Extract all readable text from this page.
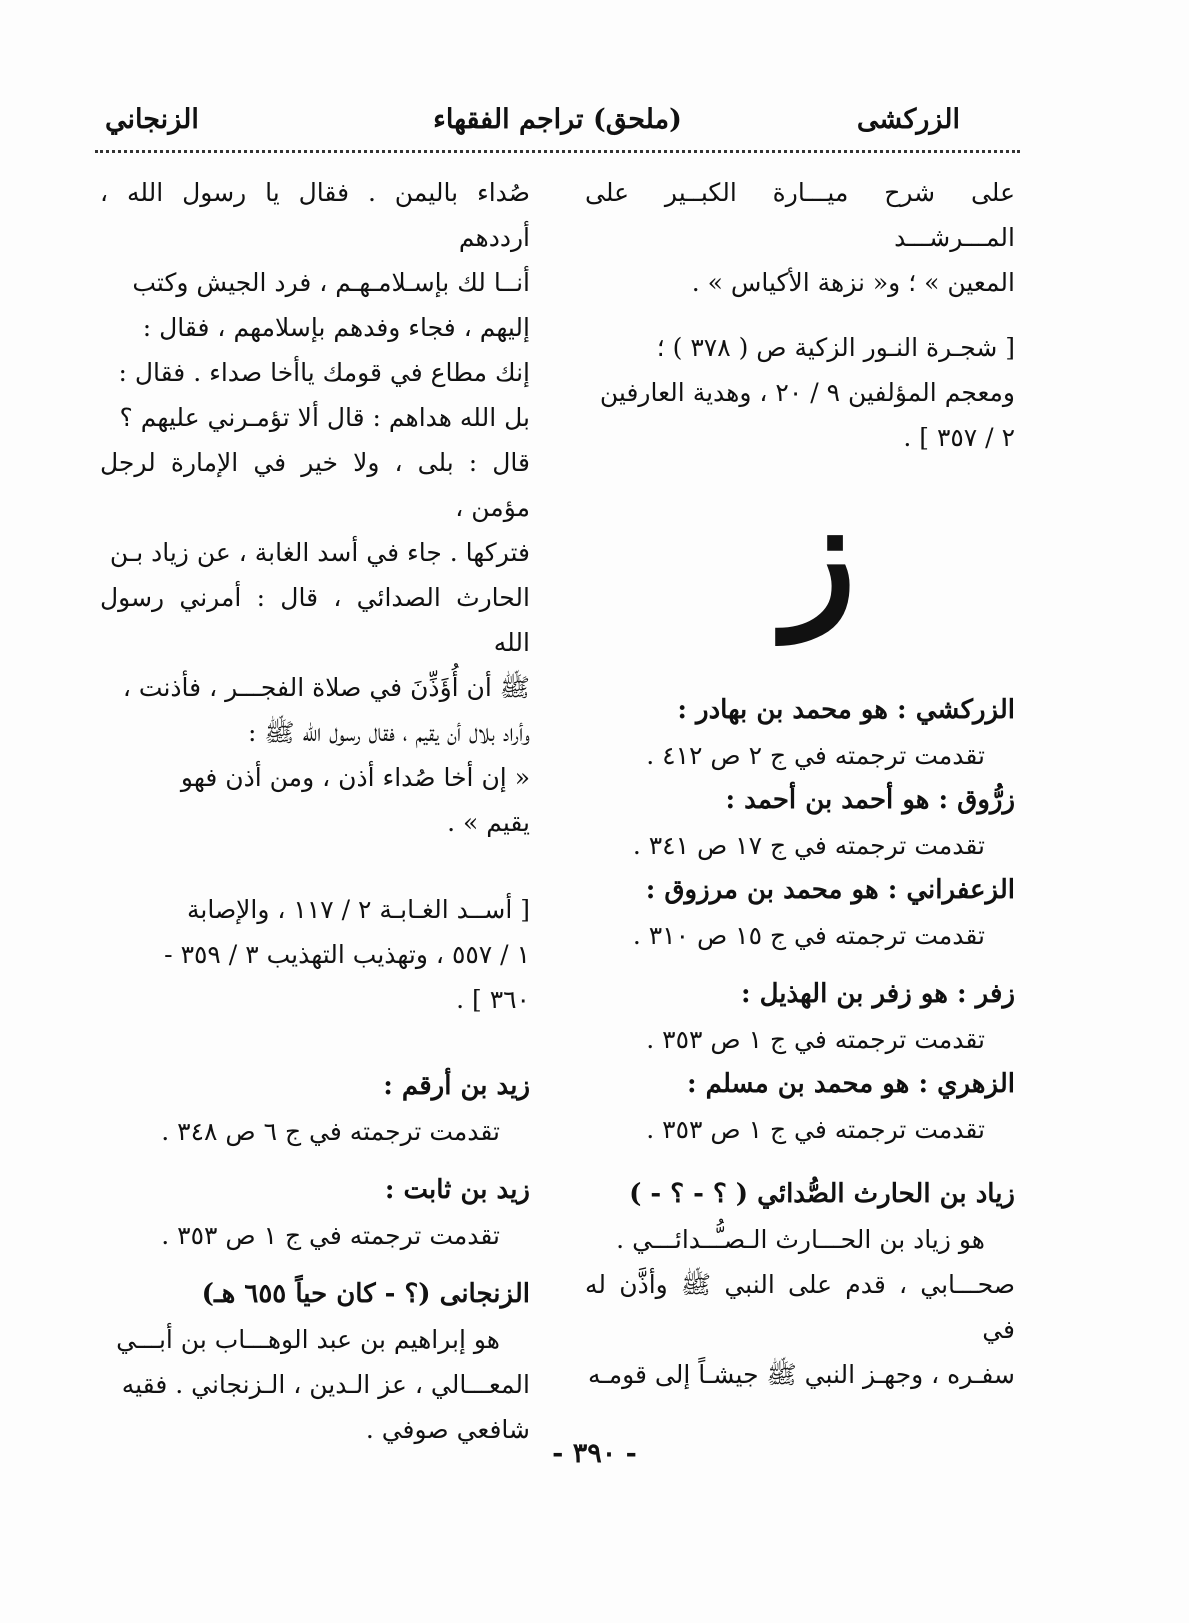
الزركشى
(ملحق) تراجم الفقهاء
الزنجاني

على شرح ميـــارة الكبــير على المـــرشـــد

المعين » ؛ و« نزهة الأكياس » .

[ شجـرة النـور الزكية ص ( ٣٧٨ ) ؛

ومعجم المؤلفين ٩ / ٢٠ ، وهدية العارفين

٢ / ٣٥٧ ] .

ز

الزركشي : هو محمد بن بهادر :

تقدمت ترجمته في ج ٢ ص ٤١٢ .

زرُّوق : هو أحمد بن أحمد :

تقدمت ترجمته في ج ١٧ ص ٣٤١ .

الزعفراني : هو محمد بن مرزوق :

تقدمت ترجمته في ج ١٥ ص ٣١٠ .

زفر : هو زفر بن الهذيل :

تقدمت ترجمته في ج ١ ص ٣٥٣ .

الزهري : هو محمد بن مسلم :

تقدمت ترجمته في ج ١ ص ٣٥٣ .

زياد بن الحارث الصُّدائي ( ؟ - ؟ - )

هو زياد بن الحـــارث الـصـُّــدائـــي .

صحـــابي ، قدم على النبي ﷺ وأذَّن له في

سفـره ، وجهـز النبي ﷺ جيشـاً إلى قومـه

صُداء باليمن . فقال يا رسول الله ، أرددهم

أنــا لك بإسـلامـهـم ، فرد الجيش وكتب

إليهم ، فجاء وفدهم بإسلامهم ، فقال :

إنك مطاع في قومك ياأخا صداء . فقال :

بل الله هداهم : قال ألا تؤمـرني عليهم ؟

قال : بلى ، ولا خير في الإمارة لرجل مؤمن ،

فتركها . جاء في أسد الغابة ، عن زياد بـن

الحارث الصدائي ، قال : أمرني رسول الله

ﷺ أن أُؤَذِّنَ في صلاة الفجـــر ، فأذنت ،

وأراد بلال أن يقيم ، فقال رسول الله ﷺ :

« إن أخا صُداء أذن ، ومن أذن فهو

يقيم » .

[ أســد الغـابـة ٢ / ١١٧ ، والإصابة

١ / ٥٥٧ ، وتهذيب التهذيب ٣ / ٣٥٩ -

٣٦٠ ] .

زيد بن أرقم :

تقدمت ترجمته في ج ٦ ص ٣٤٨ .

زيد بن ثابت :

تقدمت ترجمته في ج ١ ص ٣٥٣ .

الزنجانى (؟ - كان حياً ٦٥٥ هـ)

هو إبراهيم بن عبد الوهـــاب بن أبـــي

المعـــالي ، عز الـدين ، الـزنجاني . فقيه

شافعي صوفي .

- ٣٩٠ -
